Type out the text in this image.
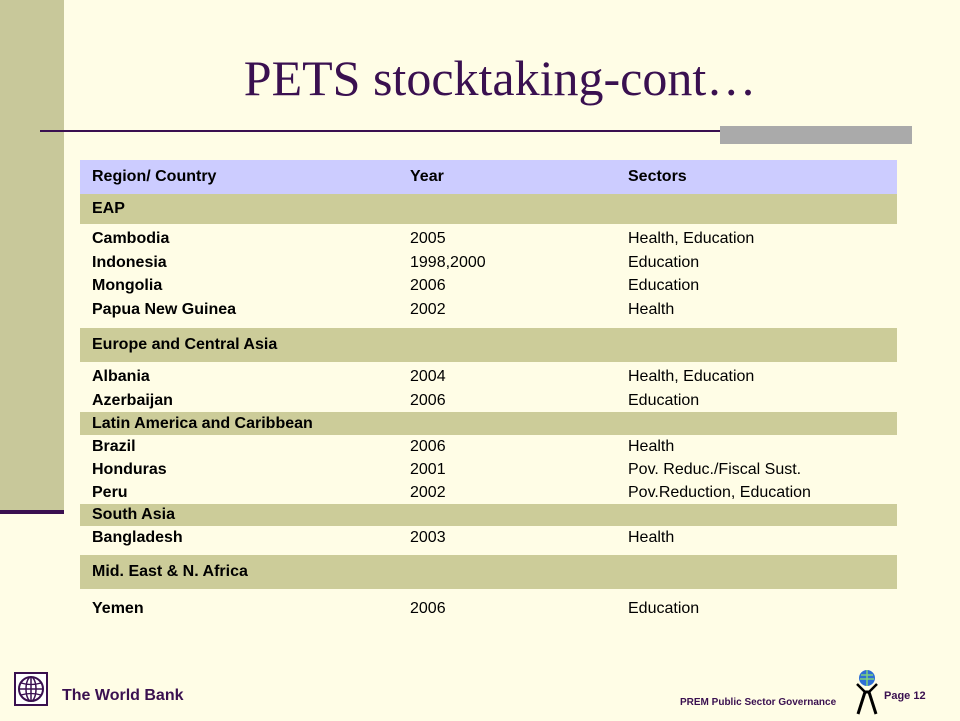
PETS stocktaking-cont…
Region/ Country	Year	Sectors
EAP
Cambodia	2005	Health, Education
Indonesia	1998,2000	Education
Mongolia	2006	Education
Papua New Guinea	2002	Health
Europe and Central Asia
Albania	2004	Health, Education
Azerbaijan	2006	Education
Latin America and Caribbean
Brazil	2006	Health
Honduras	2001	Pov. Reduc./Fiscal Sust.
Peru	2002	Pov.Reduction, Education
South Asia
Bangladesh	2003	Health
Mid. East & N. Africa
Yemen	2006	Education
The World Bank	PREM Public Sector Governance
Page 12
